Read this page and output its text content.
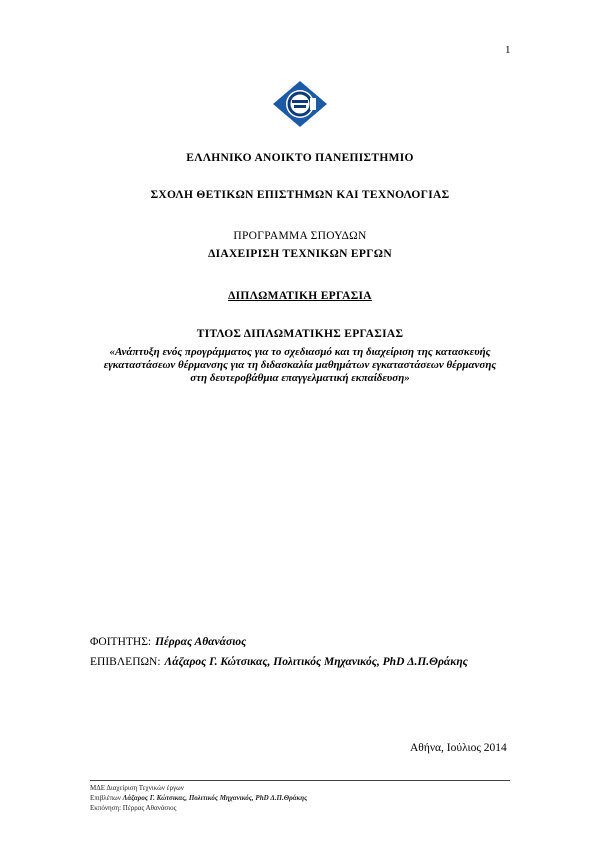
1
ΕΛΛΗΝΙΚΟ ΑΝΟΙΚΤΟ ΠΑΝΕΠΙΣΤΗΜΙΟ
ΣΧΟΛΗ ΘΕΤΙΚΩΝ ΕΠΙΣΤΗΜΩΝ ΚΑΙ ΤΕΧΝΟΛΟΓΙΑΣ
ΠΡΟΓΡΑΜΜΑ ΣΠΟΥΔΩΝ
ΔΙΑΧΕΙΡΙΣΗ ΤΕΧΝΙΚΩΝ ΕΡΓΩΝ
ΔΙΠΛΩΜΑΤΙΚΗ ΕΡΓΑΣΙΑ
ΤΙΤΛΟΣ ΔΙΠΛΩΜΑΤΙΚΗΣ ΕΡΓΑΣΙΑΣ
«Ανάπτυξη ενός προγράμματος για το σχεδιασμό και τη διαχείριση της κατασκευής εγκαταστάσεων θέρμανσης για τη διδασκαλία μαθημάτων εγκαταστάσεων θέρμανσης στη δευτεροβάθμια επαγγελματική εκπαίδευση»
ΦΟΙΤΗΤΗΣ: Πέρρας Αθανάσιος
ΕΠΙΒΛΕΠΩΝ: Λάζαρος Γ. Κώτσικας, Πολιτικός Μηχανικός, PhD Δ.Π.Θράκης
Αθήνα, Ιούλιος 2014
ΜΔΕ Διαχείριση Τεχνικών έργων
Επιβλέπων Λάζαρος Γ. Κώτσικας, Πολιτικός Μηχανικός, PhD Δ.Π.Θράκης
Εκπόνηση: Πέρρας Αθανάσιος
